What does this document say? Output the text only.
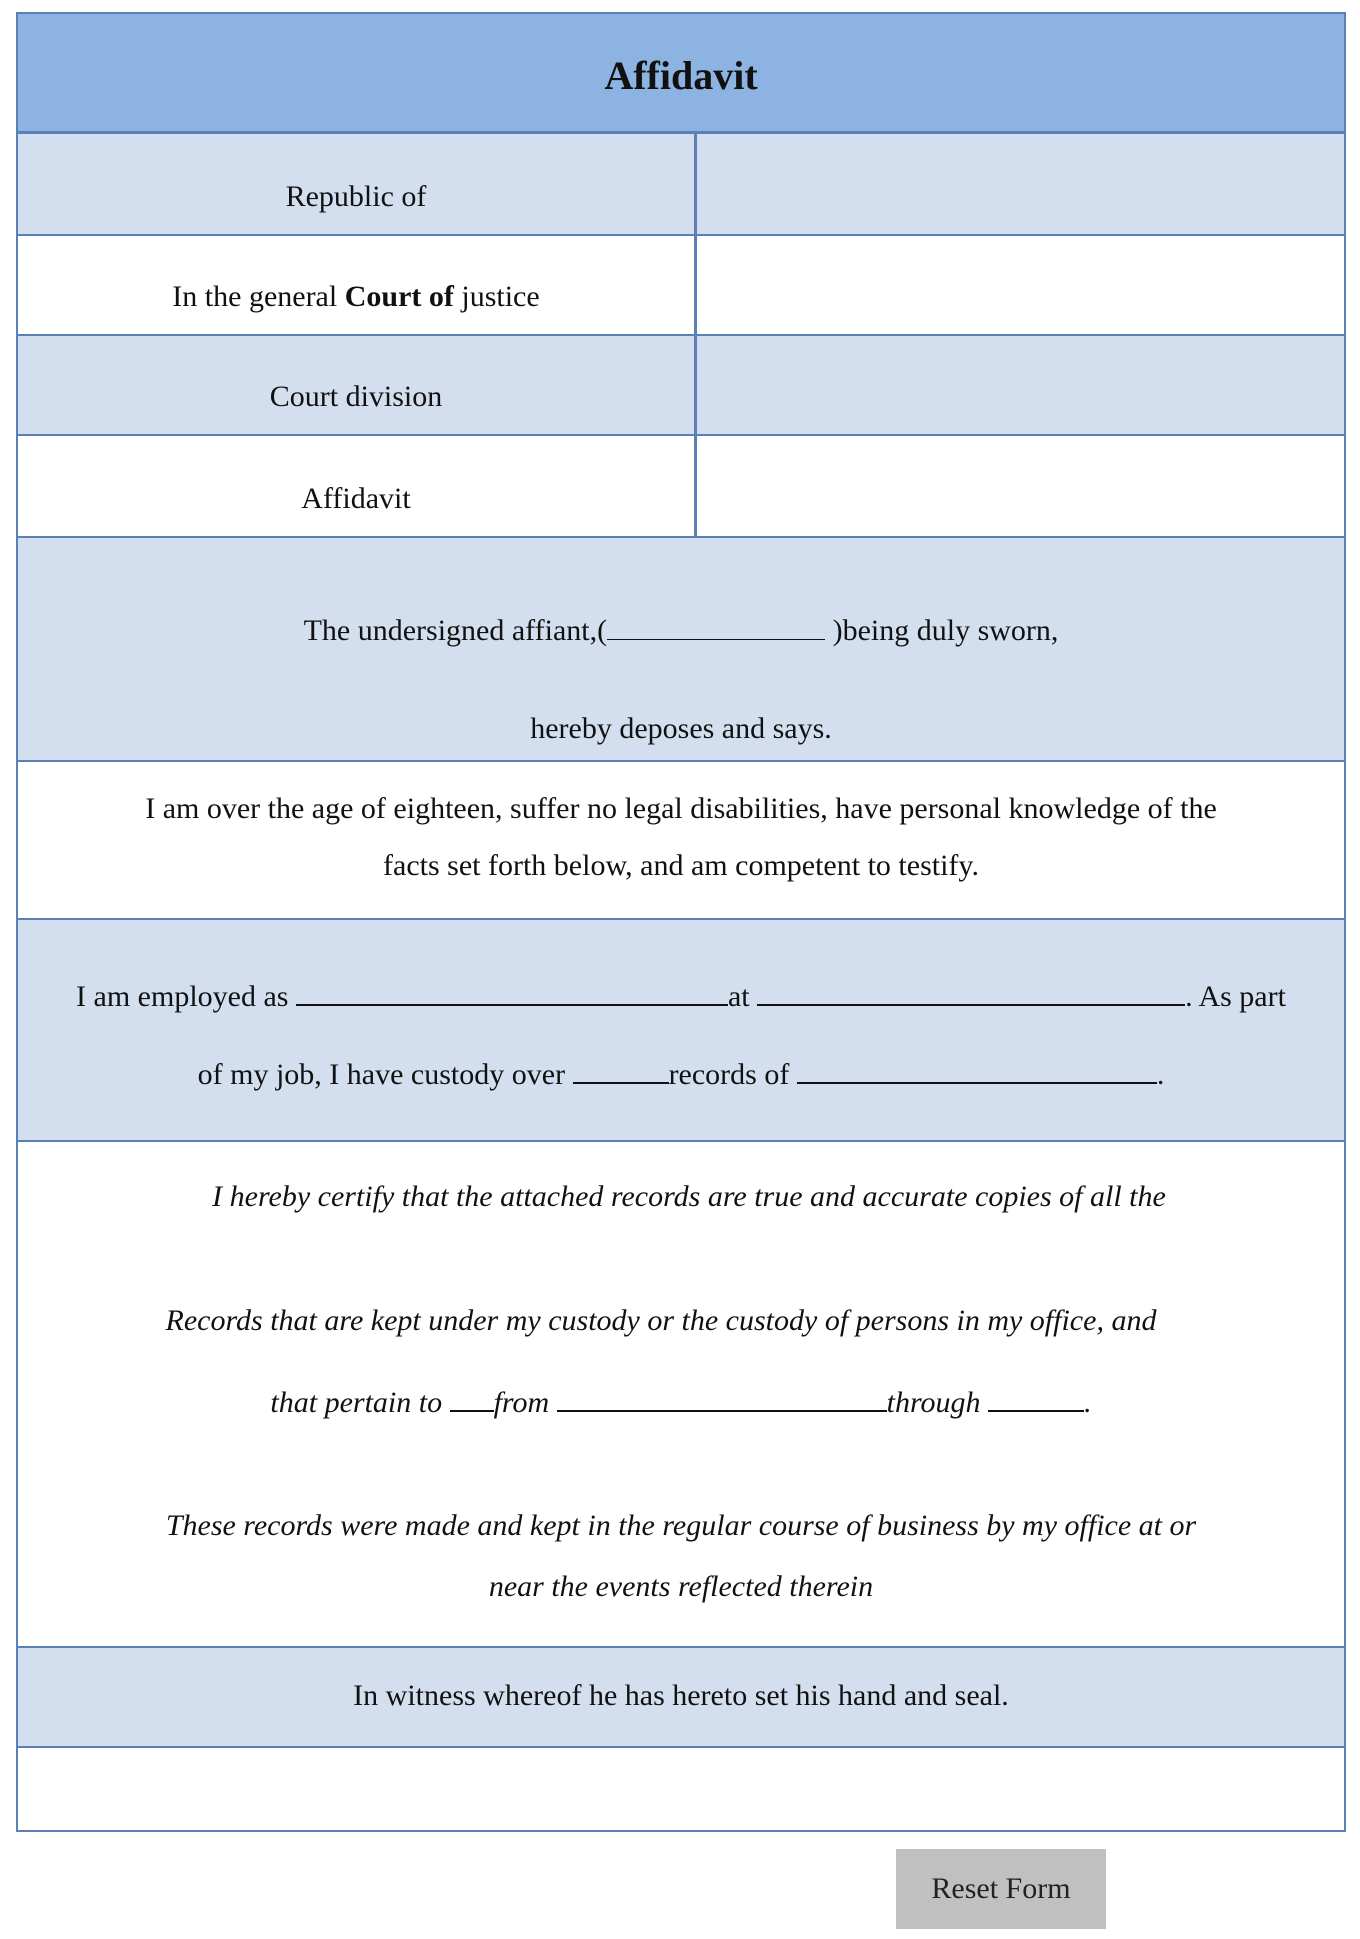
Affidavit
Republic of
In the general Court of justice
Court division
Affidavit
The undersigned affiant,(	)being duly sworn,
hereby deposes and says.
I am over the age of eighteen, suffer no legal disabilities, have personal knowledge of the
facts set forth below, and am competent to testify.
I am employed as	at	. As part
of my job, I have custody over	records of	.
I hereby certify that the attached records are true and accurate copies of all the
Records that are kept under my custody or the custody of persons in my office, and
that pertain to from	through	.
These records were made and kept in the regular course of business by my office at or
near the events reflected therein
In witness whereof he has hereto set his hand and seal.
Reset Form
